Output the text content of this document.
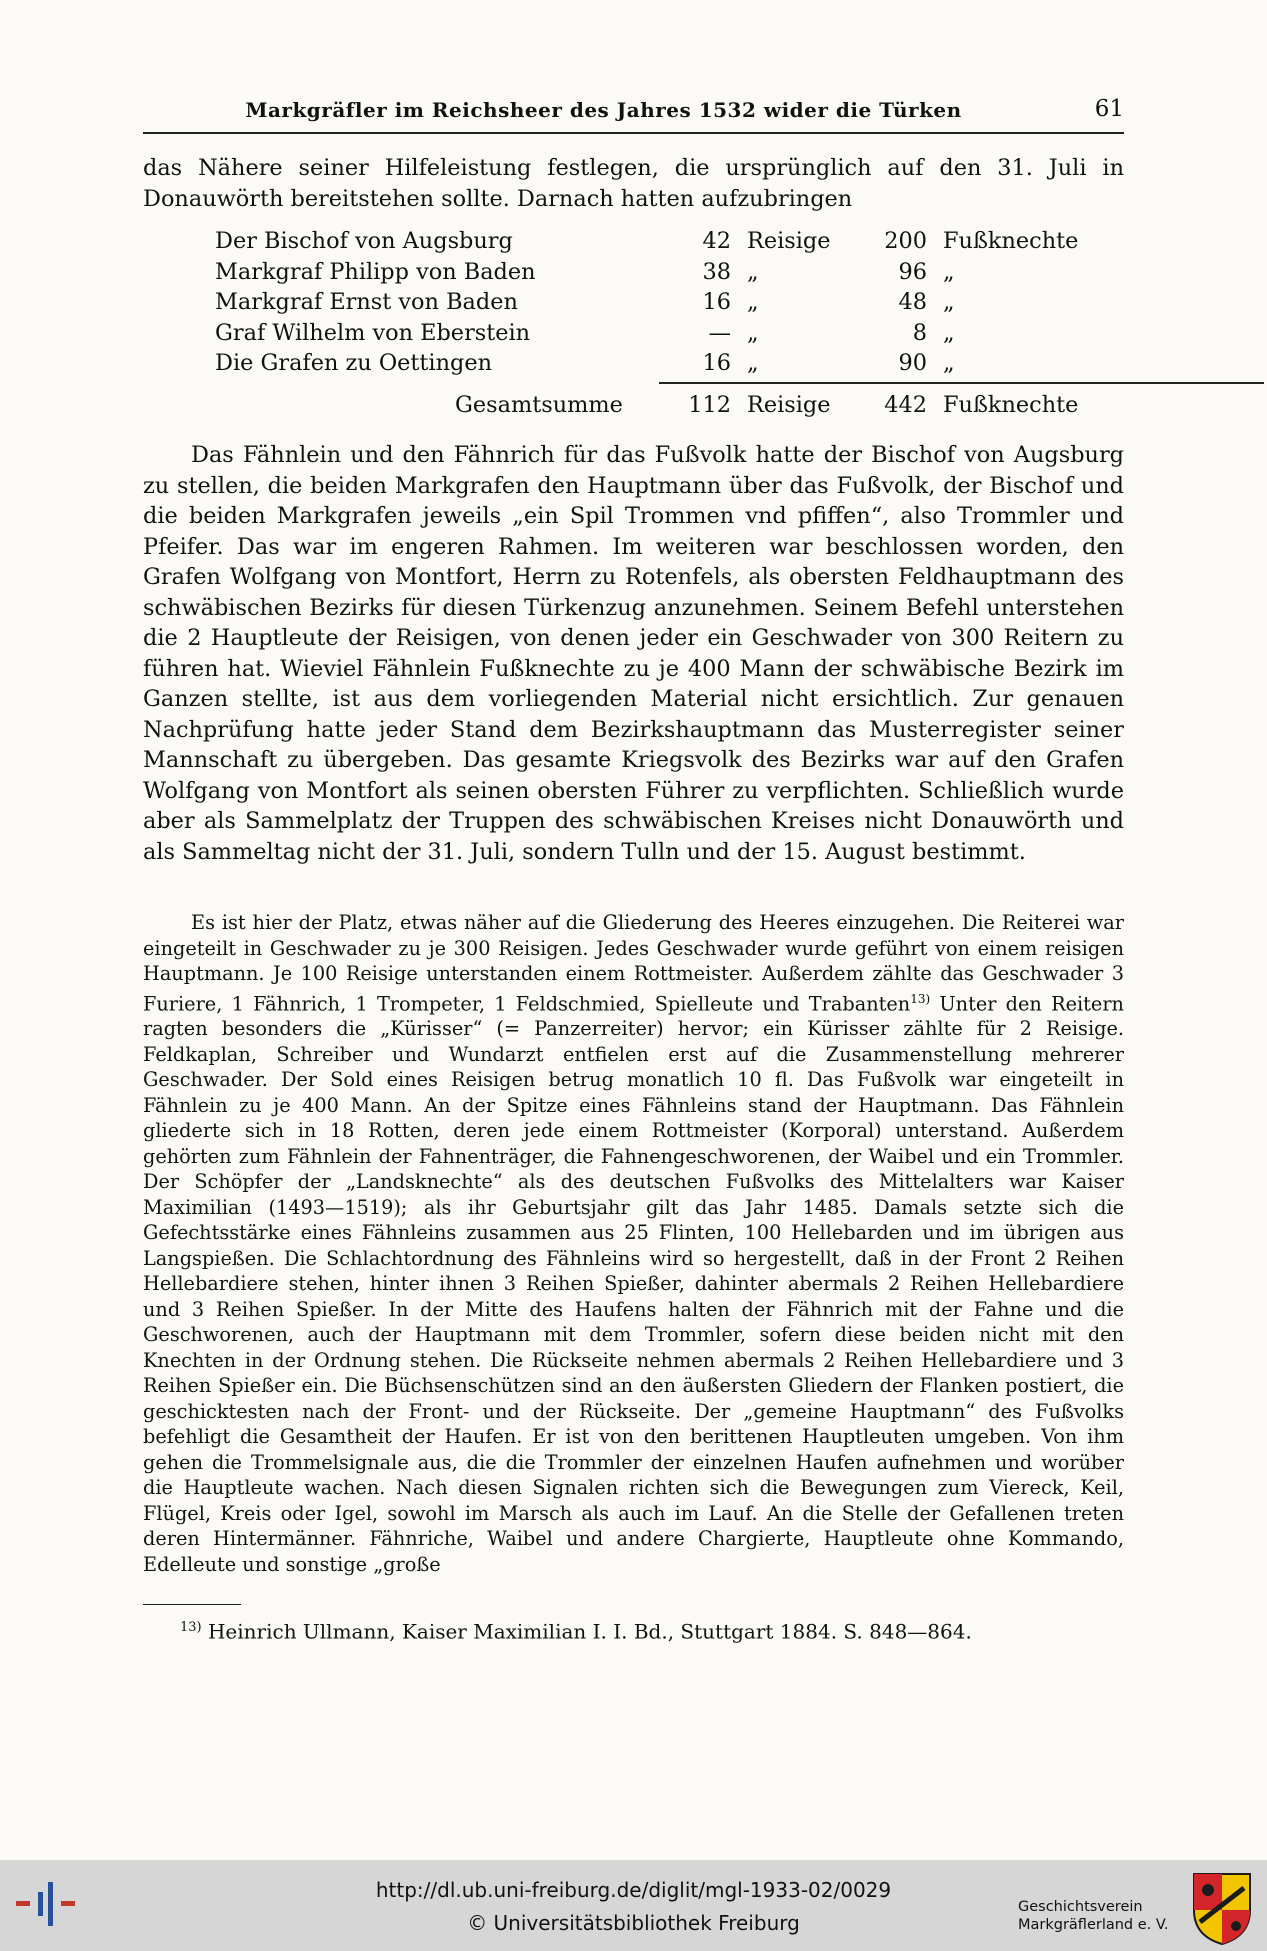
Markgräfler im Reichsheer des Jahres 1532 wider die Türken	61

das Nähere seiner Hilfeleistung festlegen, die ursprünglich auf den 31. Juli in Donauwörth bereitstehen sollte. Darnach hatten aufzubringen

Der Bischof von Augsburg	42 Reisige	200 Fußknechte
Markgraf Philipp von Baden	38 „	96 „
Markgraf Ernst von Baden	16 „	48 „
Graf Wilhelm von Eberstein	— „	8 „
Die Grafen zu Oettingen	16 „	90 „
Gesamtsumme	112 Reisige	442 Fußknechte

Das Fähnlein und den Fähnrich für das Fußvolk hatte der Bischof von Augsburg zu stellen, die beiden Markgrafen den Hauptmann über das Fußvolk, der Bischof und die beiden Markgrafen jeweils „ein Spil Trommen vnd pfiffen“, also Trommler und Pfeifer. Das war im engeren Rahmen. Im weiteren war beschlossen worden, den Grafen Wolfgang von Montfort, Herrn zu Rotenfels, als obersten Feldhauptmann des schwäbischen Bezirks für diesen Türkenzug anzunehmen. Seinem Befehl unterstehen die 2 Hauptleute der Reisigen, von denen jeder ein Geschwader von 300 Reitern zu führen hat. Wieviel Fähnlein Fußknechte zu je 400 Mann der schwäbische Bezirk im Ganzen stellte, ist aus dem vorliegenden Material nicht ersichtlich. Zur genauen Nachprüfung hatte jeder Stand dem Bezirkshauptmann das Musterregister seiner Mannschaft zu übergeben. Das gesamte Kriegsvolk des Bezirks war auf den Grafen Wolfgang von Montfort als seinen obersten Führer zu verpflichten. Schließlich wurde aber als Sammelplatz der Truppen des schwäbischen Kreises nicht Donauwörth und als Sammeltag nicht der 31. Juli, sondern Tulln und der 15. August bestimmt.

Es ist hier der Platz, etwas näher auf die Gliederung des Heeres einzugehen. Die Reiterei war eingeteilt in Geschwader zu je 300 Reisigen. Jedes Geschwader wurde geführt von einem reisigen Hauptmann. Je 100 Reisige unterstanden einem Rottmeister. Außerdem zählte das Geschwader 3 Furiere, 1 Fähnrich, 1 Trompeter, 1 Feldschmied, Spielleute und Trabanten$^{13)}$ Unter den Reitern ragten besonders die „Kürisser“ (= Panzerreiter) hervor; ein Kürisser zählte für 2 Reisige. Feldkaplan, Schreiber und Wundarzt entfielen erst auf die Zusammenstellung mehrerer Geschwader. Der Sold eines Reisigen betrug monatlich 10 fl. Das Fußvolk war eingeteilt in Fähnlein zu je 400 Mann. An der Spitze eines Fähnleins stand der Hauptmann. Das Fähnlein gliederte sich in 18 Rotten, deren jede einem Rottmeister (Korporal) unterstand. Außerdem gehörten zum Fähnlein der Fahnenträger, die Fahnengeschworenen, der Waibel und ein Trommler. Der Schöpfer der „Landsknechte“ als des deutschen Fußvolks des Mittelalters war Kaiser Maximilian (1493—1519); als ihr Geburtsjahr gilt das Jahr 1485. Damals setzte sich die Gefechtsstärke eines Fähnleins zusammen aus 25 Flinten, 100 Hellebarden und im übrigen aus Langspießen. Die Schlachtordnung des Fähnleins wird so hergestellt, daß in der Front 2 Reihen Hellebardiere stehen, hinter ihnen 3 Reihen Spießer, dahinter abermals 2 Reihen Hellebardiere und 3 Reihen Spießer. In der Mitte des Haufens halten der Fähnrich mit der Fahne und die Geschworenen, auch der Hauptmann mit dem Trommler, sofern diese beiden nicht mit den Knechten in der Ordnung stehen. Die Rückseite nehmen abermals 2 Reihen Hellebardiere und 3 Reihen Spießer ein. Die Büchsenschützen sind an den äußersten Gliedern der Flanken postiert, die geschicktesten nach der Front- und der Rückseite. Der „gemeine Hauptmann“ des Fußvolks befehligt die Gesamtheit der Haufen. Er ist von den berittenen Hauptleuten umgeben. Von ihm gehen die Trommelsignale aus, die die Trommler der einzelnen Haufen aufnehmen und worüber die Hauptleute wachen. Nach diesen Signalen richten sich die Bewegungen zum Viereck, Keil, Flügel, Kreis oder Igel, sowohl im Marsch als auch im Lauf. An die Stelle der Gefallenen treten deren Hintermänner. Fähnriche, Waibel und andere Chargierte, Hauptleute ohne Kommando, Edelleute und sonstige „große

$^{13)}$ Heinrich Ullmann, Kaiser Maximilian I. I. Bd., Stuttgart 1884. S. 848—864.
http://dl.ub.uni-freiburg.de/diglit/mgl-1933-02/0029
© Universitätsbibliothek Freiburg
Geschichtsverein
Markgräflerland e. V.
